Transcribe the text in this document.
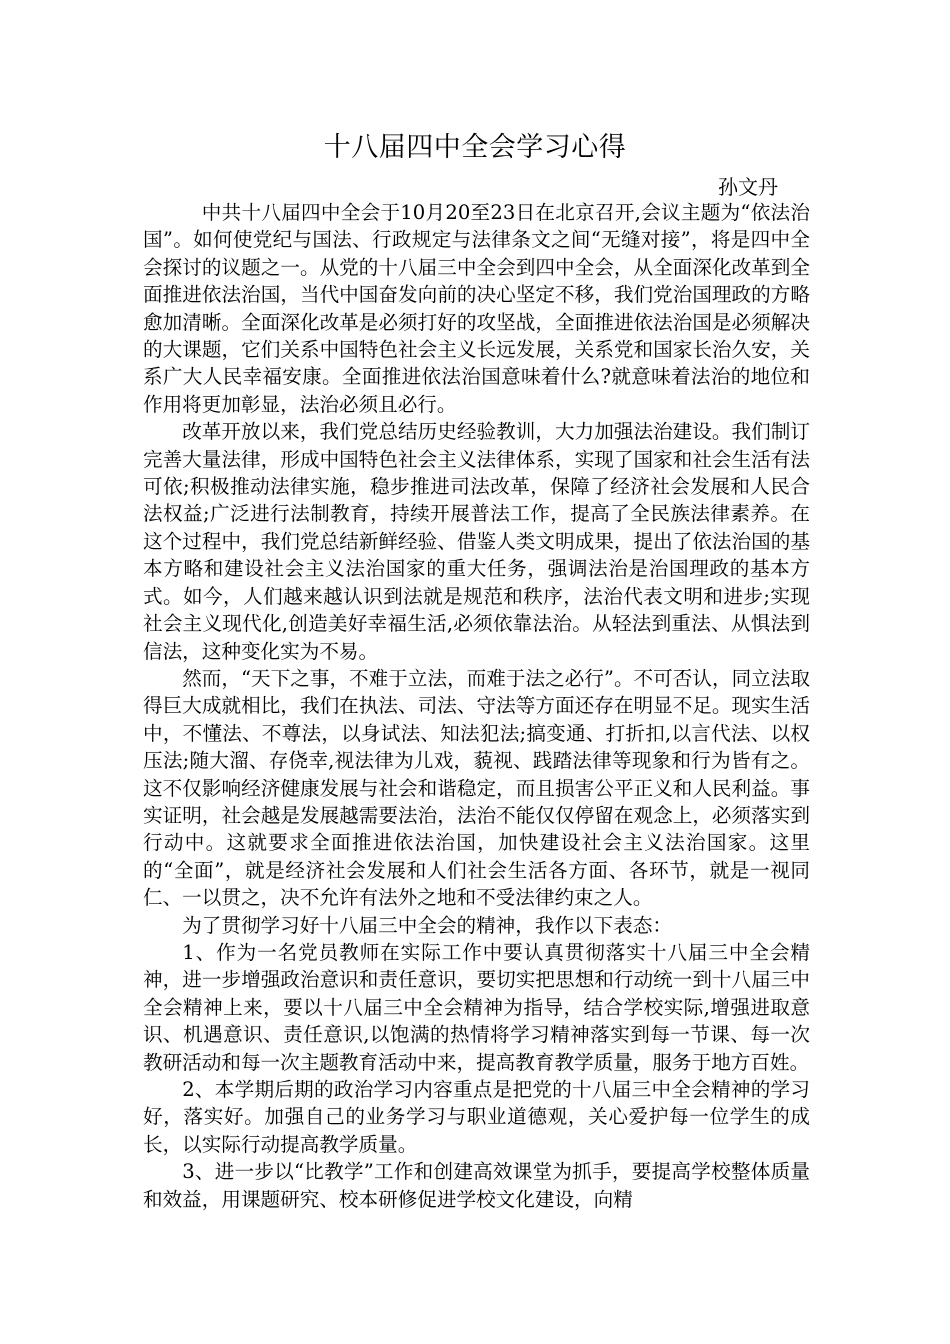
十八届四中全会学习心得
孙文丹

中共十八届四中全会于10月20至23日在北京召开,会议主题为“依法治国”。如何使党纪与国法、行政规定与法律条文之间“无缝对接”，将是四中全会探讨的议题之一。从党的十八届三中全会到四中全会，从全面深化改革到全面推进依法治国，当代中国奋发向前的决心坚定不移，我们党治国理政的方略愈加清晰。全面深化改革是必须打好的攻坚战，全面推进依法治国是必须解决的大课题，它们关系中国特色社会主义长远发展，关系党和国家长治久安，关系广大人民幸福安康。全面推进依法治国意味着什么?就意味着法治的地位和作用将更加彰显，法治必须且必行。

改革开放以来，我们党总结历史经验教训，大力加强法治建设。我们制订完善大量法律，形成中国特色社会主义法律体系，实现了国家和社会生活有法可依;积极推动法律实施，稳步推进司法改革，保障了经济社会发展和人民合法权益;广泛进行法制教育，持续开展普法工作，提高了全民族法律素养。在这个过程中，我们党总结新鲜经验、借鉴人类文明成果，提出了依法治国的基本方略和建设社会主义法治国家的重大任务，强调法治是治国理政的基本方式。如今，人们越来越认识到法就是规范和秩序，法治代表文明和进步;实现社会主义现代化,创造美好幸福生活,必须依靠法治。从轻法到重法、从惧法到信法，这种变化实为不易。

然而，“天下之事，不难于立法，而难于法之必行”。不可否认，同立法取得巨大成就相比，我们在执法、司法、守法等方面还存在明显不足。现实生活中，不懂法、不尊法，以身试法、知法犯法;搞变通、打折扣,以言代法、以权压法;随大溜、存侥幸,视法律为儿戏，藐视、践踏法律等现象和行为皆有之。这不仅影响经济健康发展与社会和谐稳定，而且损害公平正义和人民利益。事实证明，社会越是发展越需要法治，法治不能仅仅停留在观念上，必须落实到行动中。这就要求全面推进依法治国，加快建设社会主义法治国家。这里的“全面”，就是经济社会发展和人们社会生活各方面、各环节，就是一视同仁、一以贯之，决不允许有法外之地和不受法律约束之人。

为了贯彻学习好十八届三中全会的精神，我作以下表态：

1、作为一名党员教师在实际工作中要认真贯彻落实十八届三中全会精神，进一步增强政治意识和责任意识，要切实把思想和行动统一到十八届三中全会精神上来，要以十八届三中全会精神为指导，结合学校实际,增强进取意识、机遇意识、责任意识,以饱满的热情将学习精神落实到每一节课、每一次教研活动和每一次主题教育活动中来，提高教育教学质量，服务于地方百姓。

2、本学期后期的政治学习内容重点是把党的十八届三中全会精神的学习好，落实好。加强自己的业务学习与职业道德观，关心爱护每一位学生的成长，以实际行动提高教学质量。

3、进一步以“比教学”工作和创建高效课堂为抓手，要提高学校整体质量和效益，用课题研究、校本研修促进学校文化建设，向精
